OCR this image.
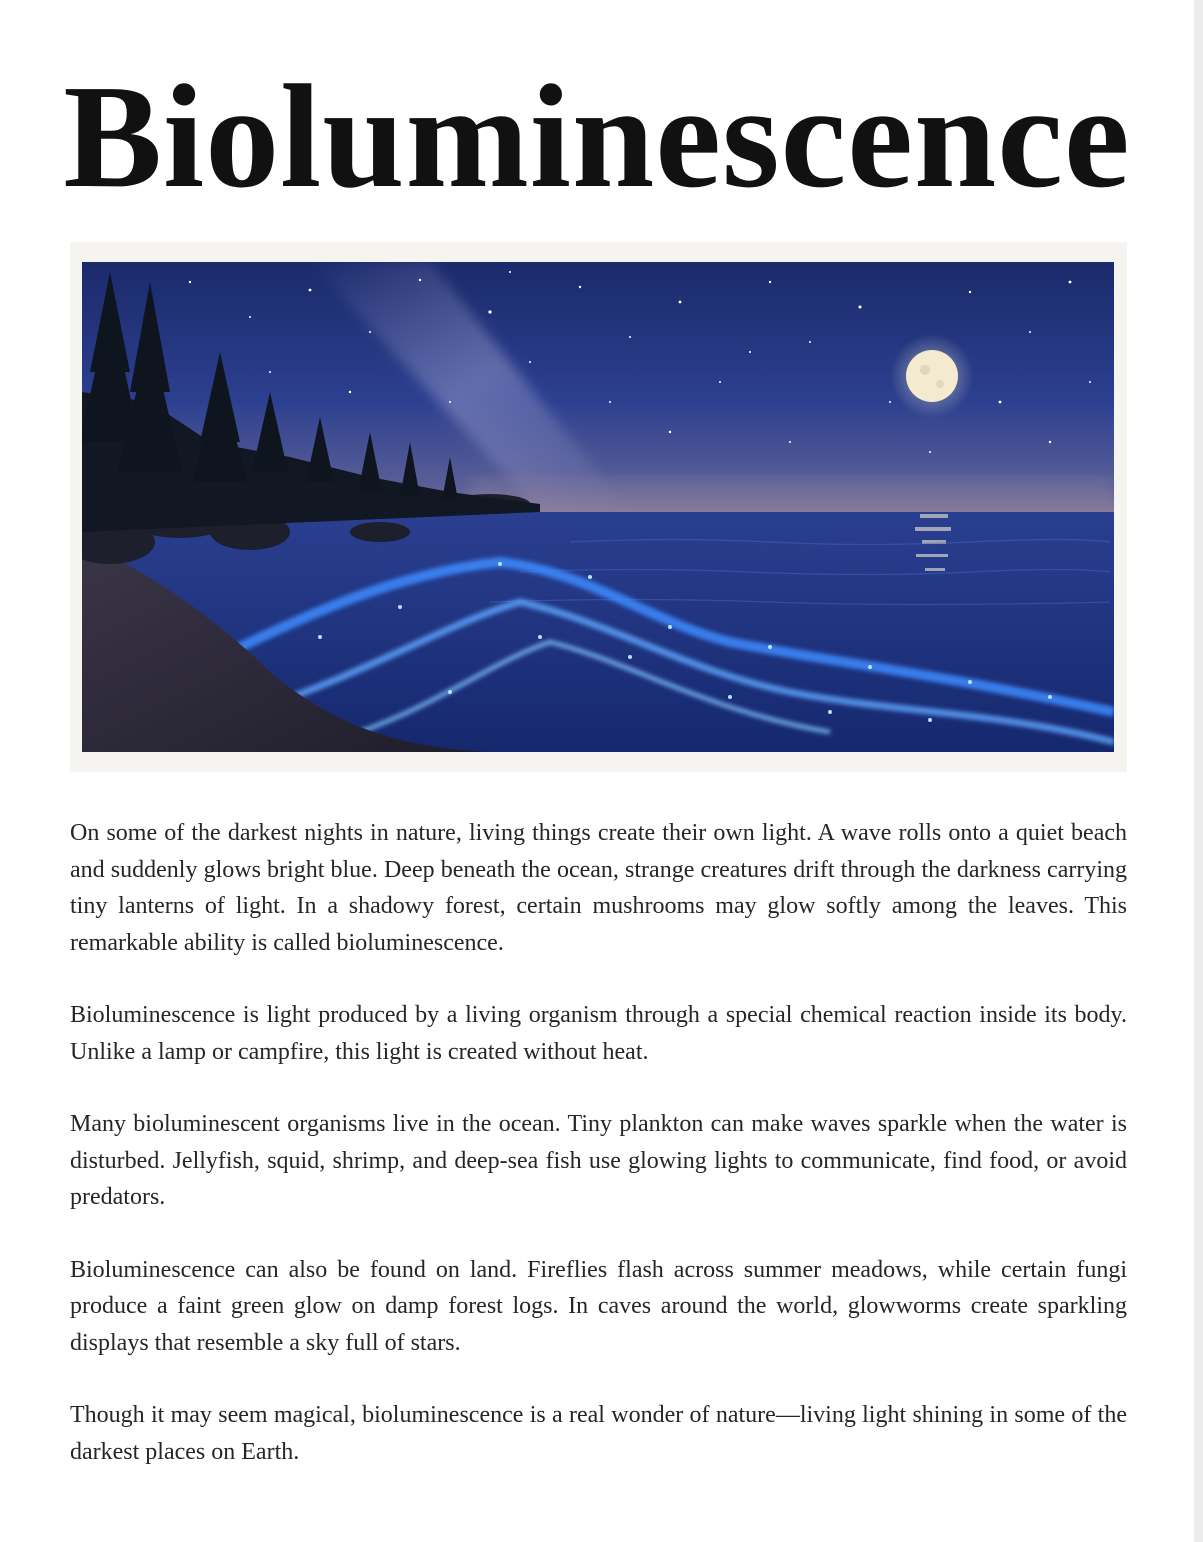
Bioluminescence

On some of the darkest nights in nature, living things create their own light. A wave rolls onto a quiet beach and suddenly glows bright blue. Deep beneath the ocean, strange creatures drift through the darkness carrying tiny lanterns of light. In a shadowy forest, certain mushrooms may glow softly among the leaves. This remarkable ability is called bioluminescence.

Bioluminescence is light produced by a living organism through a special chemical reaction inside its body. Unlike a lamp or campfire, this light is created without heat.

Many bioluminescent organisms live in the ocean. Tiny plankton can make waves sparkle when the water is disturbed. Jellyfish, squid, shrimp, and deep-sea fish use glowing lights to communicate, find food, or avoid predators.

Bioluminescence can also be found on land. Fireflies flash across summer meadows, while certain fungi produce a faint green glow on damp forest logs. In caves around the world, glowworms create sparkling displays that resemble a sky full of stars.

Though it may seem magical, bioluminescence is a real wonder of nature—living light shining in some of the darkest places on Earth.
